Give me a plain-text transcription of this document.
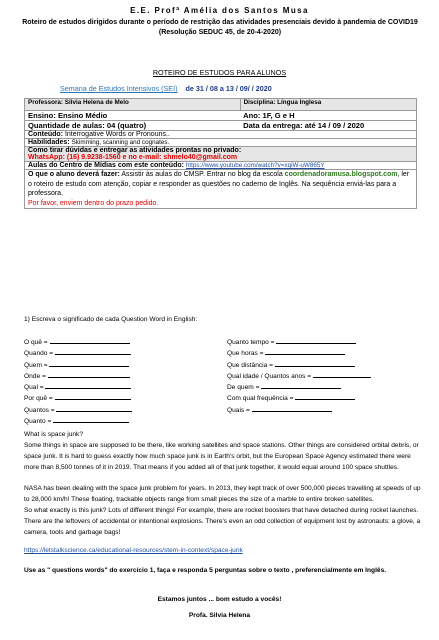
E.E. Profª Amélia dos Santos Musa
Roteiro de estudos dirigidos durante o período de restrição das atividades presenciais devido à pandemia de COVID19 (Resolução SEDUC 45, de 20-4-2020)
ROTEIRO DE ESTUDOS PARA ALUNOS
Semana de Estudos Intensivos (SEI) de 31 / 08 a 13 / 09/ / 2020
Professora: Silvia Helena de Melo	Disciplina: Língua Inglesa
Ensino: Ensino Médio	Ano: 1F, G e H
Quantidade de aulas: 04 (quatro)	Data da entrega: até 14 / 09 / 2020
Conteúdo: Interrogative Words or Pronouns..	
Habilidades: Skimming, scanning and cognates.	

Como tirar dúvidas e entregar as atividades prontas no privado:
WhatsApp: (16) 9.9238-1560 e no e-mail: shmelo40@gmail.com	

Aulas do Centro de Mídias com este conteúdo: https://www.youtube.com/watch?v=xqiW-uW865Y	
O que o aluno deverá fazer: Assistir às aulas do CMSP. Entrar no blog da escola coordenadoramusa.blogspot.com, ler o roteiro de estudo com atenção, copiar e responder as questões no caderno de Inglês. Na sequência enviá-las para a professora.
Por favor, enviem dentro do prazo pedido.	
1) Escreva o significado de cada Question Word in English:
O quê =
Quando =
Quem =
Onde =
Qual =
Por quê =
Quantos =
Quanto =
Quanto tempo =
Que horas =
Que distância =
Qual idade / Quantos anos =
De quem =
Com qual frequência =
Quais =
What is space junk?
Some things in space are supposed to be there, like working satellites and space stations. Other things are considered orbital debris, or space junk. It is hard to guess exactly how much space junk is in Earth's orbit, but the European Space Agency estimated there were more than 8,500 tonnes of it in 2019. That means if you added all of that junk together, it would equal around 100 space shuttles.
NASA has been dealing with the space junk problem for years. In 2013, they kept track of over 500,000 pieces travelling at speeds of up to 28,000 km/h! These floating, trackable objects range from small pieces the size of a marble to entire broken satellites.
So what exactly is this junk? Lots of different things! For example, there are rocket boosters that have detached during rocket launches. There are the leftovers of accidental or intentional explosions. There's even an odd collection of equipment lost by astronauts: a glove, a camera, tools and garbage bags!
https://letstalkscience.ca/educational-resources/stem-in-context/space-junk
Use as " questions words" do exercício 1, faça e responda 5 perguntas sobre o texto , preferencialmente em Inglês.
Estamos juntos ... bom estudo a vocês!
Profa. Silvia Helena
